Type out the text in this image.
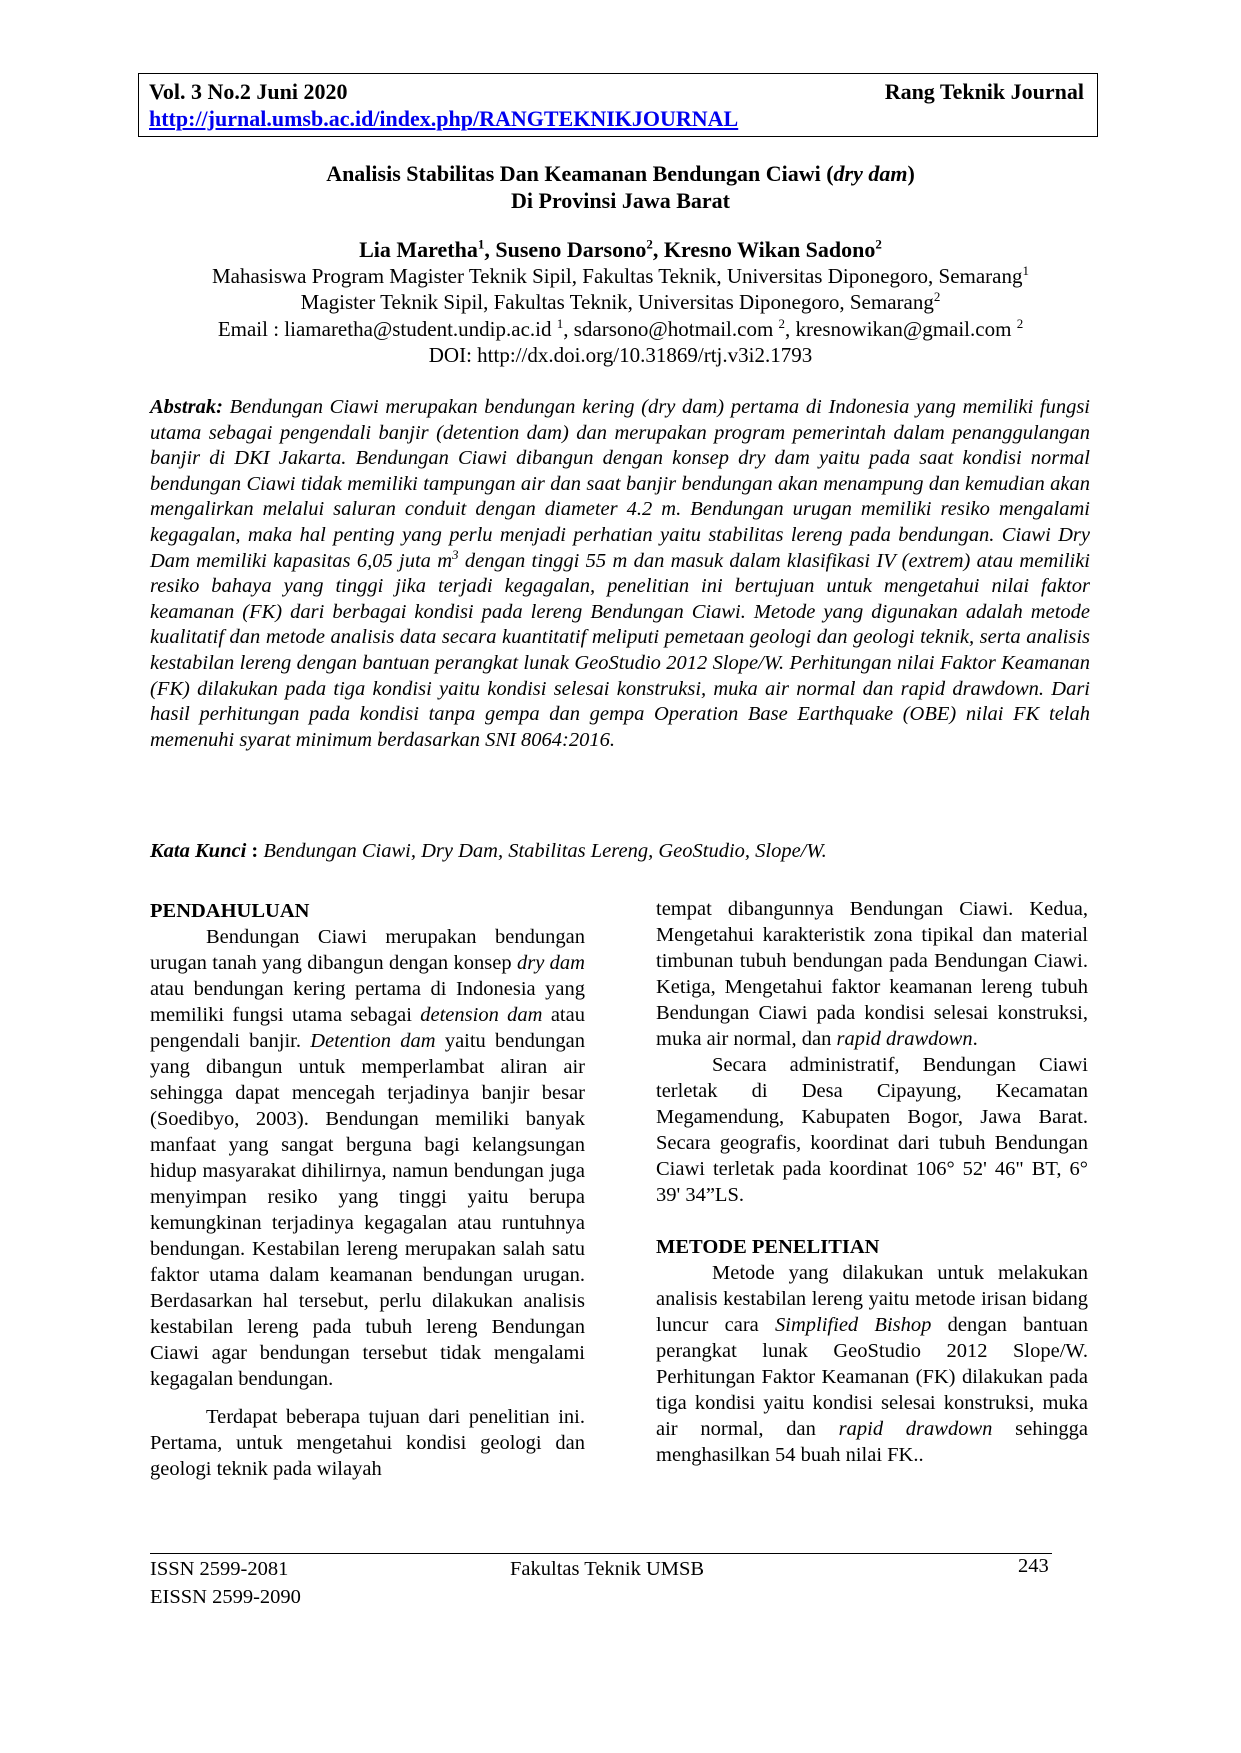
Vol. 3 No.2 Juni 2020	Rang Teknik Journal
http://jurnal.umsb.ac.id/index.php/RANGTEKNIKJOURNAL
Analisis Stabilitas Dan Keamanan Bendungan Ciawi (dry dam)
Di Provinsi Jawa Barat
Lia Maretha$^1$, Suseno Darsono$^2$, Kresno Wikan Sadono$^2$
Mahasiswa Program Magister Teknik Sipil, Fakultas Teknik, Universitas Diponegoro, Semarang$^1$
Magister Teknik Sipil, Fakultas Teknik, Universitas Diponegoro, Semarang$^2$
Email : liamaretha@student.undip.ac.id $^1$, sdarsono@hotmail.com $^2$, kresnowikan@gmail.com $^2$
DOI: http://dx.doi.org/10.31869/rtj.v3i2.1793
Abstrak: Bendungan Ciawi merupakan bendungan kering (dry dam) pertama di Indonesia yang memiliki fungsi utama sebagai pengendali banjir (detention dam) dan merupakan program pemerintah dalam penanggulangan banjir di DKI Jakarta. Bendungan Ciawi dibangun dengan konsep dry dam yaitu pada saat kondisi normal bendungan Ciawi tidak memiliki tampungan air dan saat banjir bendungan akan menampung dan kemudian akan mengalirkan melalui saluran conduit dengan diameter 4.2 m. Bendungan urugan memiliki resiko mengalami kegagalan, maka hal penting yang perlu menjadi perhatian yaitu stabilitas lereng pada bendungan. Ciawi Dry Dam memiliki kapasitas 6,05 juta $m^3$ dengan tinggi 55 m dan masuk dalam klasifikasi IV (extrem) atau memiliki resiko bahaya yang tinggi jika terjadi kegagalan, penelitian ini bertujuan untuk mengetahui nilai faktor keamanan (FK) dari berbagai kondisi pada lereng Bendungan Ciawi. Metode yang digunakan adalah metode kualitatif dan metode analisis data secara kuantitatif meliputi pemetaan geologi dan geologi teknik, serta analisis kestabilan lereng dengan bantuan perangkat lunak GeoStudio 2012 Slope/W. Perhitungan nilai Faktor Keamanan (FK) dilakukan pada tiga kondisi yaitu kondisi selesai konstruksi, muka air normal dan rapid drawdown. Dari hasil perhitungan pada kondisi tanpa gempa dan gempa Operation Base Earthquake (OBE) nilai FK telah memenuhi syarat minimum berdasarkan SNI 8064:2016.
Kata Kunci : Bendungan Ciawi, Dry Dam, Stabilitas Lereng, GeoStudio, Slope/W.
PENDAHULUAN

Bendungan Ciawi merupakan bendungan urugan tanah yang dibangun dengan konsep dry dam atau bendungan kering pertama di Indonesia yang memiliki fungsi utama sebagai detension dam atau pengendali banjir. Detention dam yaitu bendungan yang dibangun untuk memperlambat aliran air sehingga dapat mencegah terjadinya banjir besar (Soedibyo, 2003). Bendungan memiliki banyak manfaat yang sangat berguna bagi kelangsungan hidup masyarakat dihilirnya, namun bendungan juga menyimpan resiko yang tinggi yaitu berupa kemungkinan terjadinya kegagalan atau runtuhnya bendungan. Kestabilan lereng merupakan salah satu faktor utama dalam keamanan bendungan urugan. Berdasarkan hal tersebut, perlu dilakukan analisis kestabilan lereng pada tubuh lereng Bendungan Ciawi agar bendungan tersebut tidak mengalami kegagalan bendungan.

Terdapat beberapa tujuan dari penelitian ini. Pertama, untuk mengetahui kondisi geologi dan geologi teknik pada wilayah

tempat dibangunnya Bendungan Ciawi. Kedua, Mengetahui karakteristik zona tipikal dan material timbunan tubuh bendungan pada Bendungan Ciawi. Ketiga, Mengetahui faktor keamanan lereng tubuh Bendungan Ciawi pada kondisi selesai konstruksi, muka air normal, dan rapid drawdown.

Secara administratif, Bendungan Ciawi terletak di Desa Cipayung, Kecamatan Megamendung, Kabupaten Bogor, Jawa Barat. Secara geografis, koordinat dari tubuh Bendungan Ciawi terletak pada koordinat 106° 52' 46" BT, 6° 39' 34”LS.

METODE PENELITIAN

Metode yang dilakukan untuk melakukan analisis kestabilan lereng yaitu metode irisan bidang luncur cara Simplified Bishop dengan bantuan perangkat lunak GeoStudio 2012 Slope/W. Perhitungan Faktor Keamanan (FK) dilakukan pada tiga kondisi yaitu kondisi selesai konstruksi, muka air normal, dan rapid drawdown sehingga menghasilkan 54 buah nilai FK..

ISSN 2599-2081
EISSN 2599-2090
Fakultas Teknik UMSB	243
